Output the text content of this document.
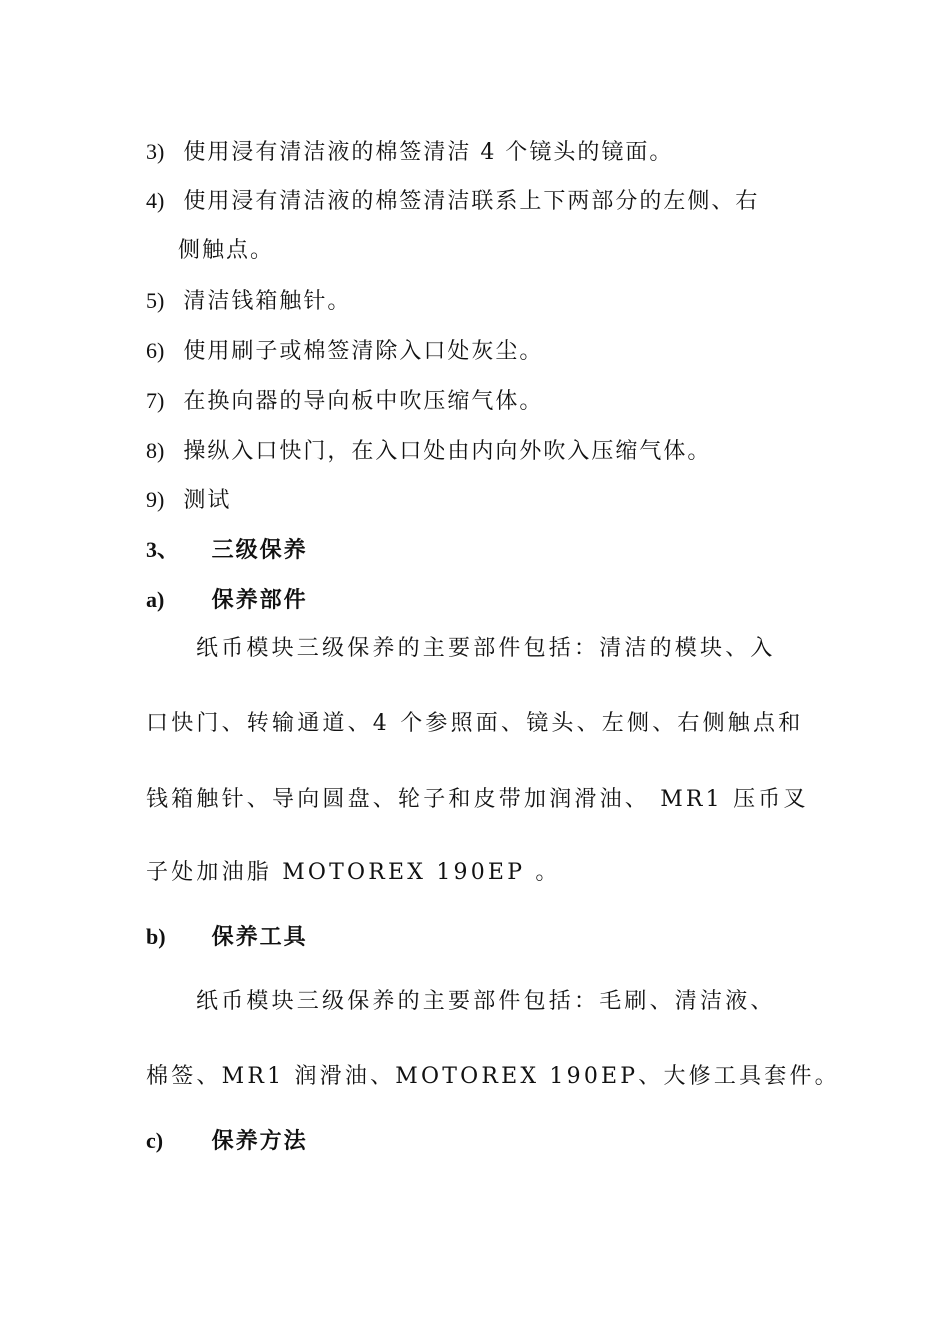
3) 使用浸有清洁液的棉签清洁 4 个镜头的镜面。
4) 使用浸有清洁液的棉签清洁联系上下两部分的左侧、右
侧触点。
5) 清洁钱箱触针。
6) 使用刷子或棉签清除入口处灰尘。
7) 在换向器的导向板中吹压缩气体。
8) 操纵入口快门，在入口处由内向外吹入压缩气体。
9) 测试
3、 三级保养
a) 保养部件
纸币模块三级保养的主要部件包括：清洁的模块、入
口快门、转输通道、4 个参照面、镜头、左侧、右侧触点和
钱箱触针、导向圆盘、轮子和皮带加润滑油、 MR1 压币叉
子处加油脂 MOTOREX 190EP 。
b) 保养工具
纸币模块三级保养的主要部件包括：毛刷、清洁液、
棉签、MR1 润滑油、MOTOREX 190EP、大修工具套件。
c) 保养方法
